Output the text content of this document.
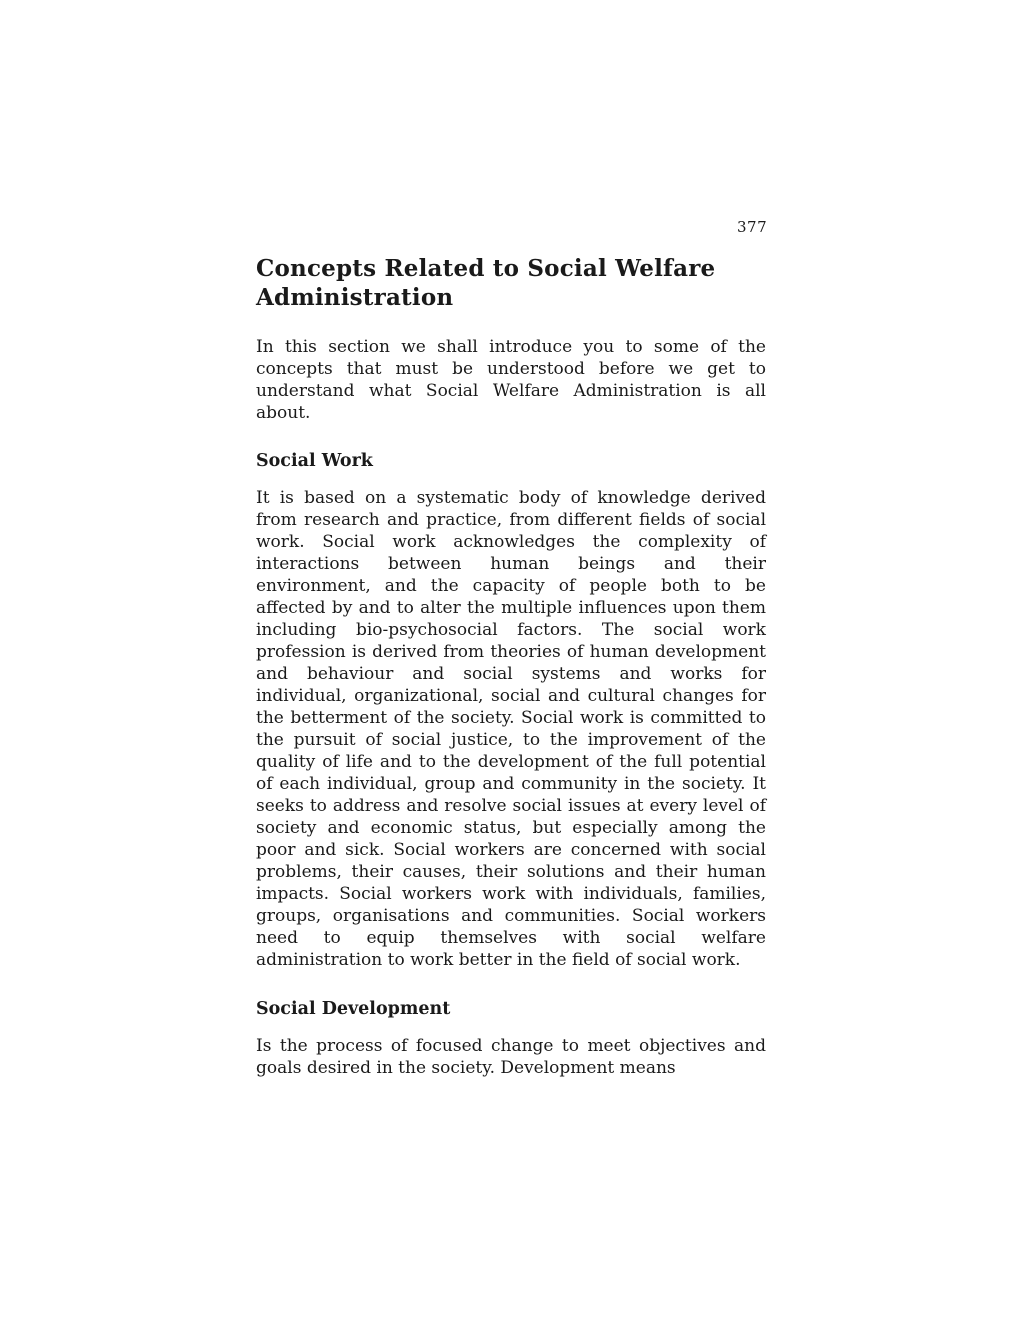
377
Concepts Related to Social Welfare Administration

In this section we shall introduce you to some of the concepts that must be understood before we get to understand what Social Welfare Administration is all about.

Social Work

It is based on a systematic body of knowledge derived from research and practice, from different fields of social work. Social work acknowledges the complexity of interactions between human beings and their environment, and the capacity of people both to be affected by and to alter the multiple influences upon them including bio-psychosocial factors. The social work profession is derived from theories of human development and behaviour and social systems and works for individual, organizational, social and cultural changes for the betterment of the society. Social work is committed to the pursuit of social justice, to the improvement of the quality of life and to the development of the full potential of each individual, group and community in the society. It seeks to address and resolve social issues at every level of society and economic status, but especially among the poor and sick. Social workers are concerned with social problems, their causes, their solutions and their human impacts. Social workers work with individuals, families, groups, organisations and communities. Social workers need to equip themselves with social welfare administration to work better in the field of social work.

Social Development

Is the process of focused change to meet objectives and goals desired in the society. Development means
